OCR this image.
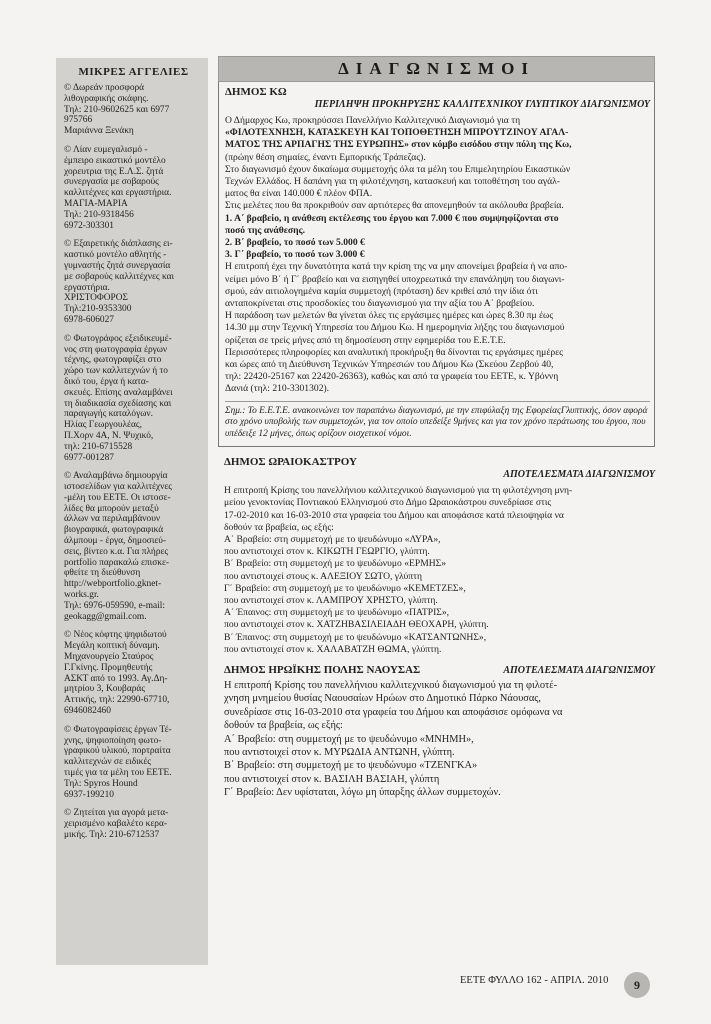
ΜΙΚΡΕΣ ΑΓΓΕΛΙΕΣ
© Δωρεάν προσφορά
λιθογραφικής σκάφης.
Τηλ: 210-9602625 και 6977
975766
Μαριάννα Ξενάκη
© Λίαν ευμεγαλισμό -
έμπειρο εικαστικό μοντέλο
χορευτρια της Ε.Λ.Σ. ζητά
συνεργασία με σοβαρούς
καλλιτέχνες και εργαστήρια.
ΜΑΓΙΑ-ΜΑΡΙΑ
Τηλ: 210-9318456
6972-303301
© Εξαιρετικής διάπλασης ει-
καστικό μοντέλο αθλητής -
γυμναστής ζητά συνεργασία
με σοβαρούς καλλιτέχνες και
εργαστήρια.
ΧΡΙΣΤΟΦΟΡΟΣ
Τηλ:210-9353300
6978-606027
© Φωτογράφος εξειδικευμέ-
νος στη φωτογραφία έργων
τέχνης, φωτογραφίζει στο
χώρο των καλλιτεχνών ή το
δικό του, έργα ή κατα-
σκευές. Επίσης αναλαμβάνει
τη διαδικασία σχεδίασης και
παραγωγής καταλόγων.
Ηλίας Γεωργουλέας,
Π.Χορν 4Α, Ν. Ψυχικό,
τηλ: 210-6715528
6977-001287
© Αναλαμβάνω δημιουργία
ιστοσελίδων για καλλιτέχνες
-μέλη του ΕΕΤΕ. Οι ιστοσε-
λίδες θα μπορούν μεταξύ
άλλων να περιλαμβάνουν
βιογραφικά, φωτογραφικά
άλμπουμ - έργα, δημοσιεύ-
σεις, βίντεο κ.α. Για πλήρες
portfolio παρακαλώ επισκε-
φθείτε τη διεύθυνση
http://webportfolio.gknet-
works.gr.
Τηλ: 6976-059590, e-mail:
geokagg@gmail.com.
© Νέος κόφτης ψηφιδωτού
Μεγάλη κοπτική δύναμη.
Μηχανουργείο Σταύρος
Γ.Γκίνης. Προμηθευτής
ΑΣΚΤ από το 1993. Αγ.Δη-
μητρίου 3, Κουβαράς
Αττικής, τηλ: 22990-67710,
6946082460
© Φωτογραφίσεις έργων Τέ-
χνης, ψηφιοποίηση φωτο-
γραφικού υλικού, πορτραίτα
καλλιτεχνών σε ειδικές
τιμές για τα μέλη του ΕΕΤΕ.
Τηλ: Spyros Hound
6937-199210
© Ζητείται για αγορά μετα-
χειρισμένο καβαλέτο κερα-
μικής. Τηλ: 210-6712537
ΔΙΑΓΩΝΙΣΜΟΙ
ΔΗΜΟΣ ΚΩ
ΠΕΡΙΛΗΨΗ ΠΡΟΚΗΡΥΞΗΣ ΚΑΛΛΙΤΕΧΝΙΚΟΥ ΓΛΥΠΤΙΚΟΥ ΔΙΑΓΩΝΙΣΜΟΥ
Ο Δήμαρχος Κω, προκηρύσσει Πανελλήνιο Καλλιτεχνικό Διαγωνισμό για τη
«ΦΙΛΟΤΕΧΝΗΣΗ, ΚΑΤΑΣΚΕΥΗ ΚΑΙ ΤΟΠΟΘΕΤΗΣΗ ΜΠΡΟΥΤΖΙΝΟΥ ΑΓΑΛ-
ΜΑΤΟΣ ΤΗΣ ΑΡΠΑΓΗΣ ΤΗΣ ΕΥΡΩΠΗΣ» στον κόμβο εισόδου στην πόλη της Κω,
(πρώην θέση σημαίες, έναντι Εμπορικής Τράπεζας).
Στο διαγωνισμό έχουν δικαίωμα συμμετοχής όλα τα μέλη του Επιμελητηρίου Εικαστικών
Τεχνών Ελλάδος. Η δαπάνη για τη φιλοτέχνηση, κατασκευή και τοποθέτηση του αγάλ-
ματος θα είναι 140.000 € πλέον ΦΠΑ.
Στις μελέτες που θα προκριθούν σαν αρτιότερες θα απονεμηθούν τα ακόλουθα βραβεία.
1. Α΄ βραβείο, η ανάθεση εκτέλεσης του έργου και 7.000 € που συμψηφίζονται στο
ποσό της ανάθεσης.
2. Β΄ βραβείο, το ποσό των 5.000 €
3. Γ΄ βραβείο, το ποσό των 3.000 €
Η επιτροπή έχει την δυνατότητα κατά την κρίση της να μην απονείμει βραβεία ή να απο-
νείμει μόνο Β΄ ή Γ΄ βραβείο και να εισηγηθεί υποχρεωτικά την επανάληψη του διαγωνι-
σμού, εάν αιτιολογημένα καμία συμμετοχή (πρόταση) δεν κριθεί από την ίδια ότι
ανταποκρίνεται στις προσδοκίες του διαγωνισμού για την αξία του Α΄ βραβείου.
Η παράδοση των μελετών θα γίνεται όλες τις εργάσιμες ημέρες και ώρες 8.30 πμ έως
14.30 μμ στην Τεχνική Υπηρεσία του Δήμου Κω. Η ημερομηνία λήξης του διαγωνισμού
ορίζεται σε τρείς μήνες από τη δημοσίευση στην εφημερίδα του Ε.Ε.Τ.Ε.
Περισσότερες πληροφορίες και αναλυτική προκήρυξη θα δίνονται τις εργάσιμες ημέρες
και ώρες από τη Διεύθυνση Τεχνικών Υπηρεσιών του Δήμου Κω (Σκεύου Ζερβού 40,
τηλ: 22420-25167 και 22420-26363), καθώς και από τα γραφεία του ΕΕΤΕ, κ. Υβόννη
Δανιά (τηλ: 210-3301302).
Σημ.: Το Ε.Ε.Τ.Ε. ανακοινώνει τον παραπάνω διαγωνισμό, με την επιφύλαξη της ΕφορείαςΓλυπτικής, όσον αφορά στο χρόνο υποβολής των συμμετοχών, για τον οποίο υπεδείξε 9μήνες και για τον χρόνο περάτωσης του έργου, που υπέδειξε 12 μήνες, όπως ορίζουν οισχετικοί νόμοι.
ΔΗΜΟΣ ΩΡΑΙΟΚΑΣΤΡΟΥ
ΑΠΟΤΕΛΕΣΜΑΤΑ ΔΙΑΓΩΝΙΣΜΟΥ
Η επιτροπή Κρίσης του πανελλήνιου καλλιτεχνικού διαγωνισμού για τη φιλοτέχνηση μνη-
μείου γενοκτονίας Ποντιακού Ελληνισμού στο Δήμο Ωραιοκάστρου συνεδρίασε στις
17-02-2010 και 16-03-2010 στα γραφεία του Δήμου και αποφάσισε κατά πλειοψηφία να
δοθούν τα βραβεία, ως εξής:
Α΄ Βραβείο: στη συμμετοχή με το ψευδώνυμο «ΛΥΡΑ»,
που αντιστοιχεί στον κ. ΚΙΚΩΤΗ ΓΕΩΡΓΙΟ, γλύπτη.
Β΄ Βραβείο: στη συμμετοχή με το ψευδώνυμο «ΕΡΜΗΣ»
που αντιστοιχεί στους κ. ΑΛΕΞΙΟΥ ΣΩΤΟ, γλύπτη
Γ΄ Βραβείο: στη συμμετοχή με το ψευδώνυμο «ΚΕΜΕΤΖΕΣ»,
που αντιστοιχεί στον κ. ΛΑΜΠΡΟΥ ΧΡΗΣΤΟ, γλύπτη.
Α΄ Έπαινος: στη συμμετοχή με το ψευδώνυμο «ΠΑΤΡΙΣ»,
που αντιστοιχεί στον κ. ΧΑΤΖΗΒΑΣΙΛΕΙΑΔΗ ΘΕΟΧΑΡΗ, γλύπτη.
Β΄ Έπαινος: στη συμμετοχή με το ψευδώνυμο «ΚΑΤΣΑΝΤΩΝΗΣ»,
που αντιστοιχεί στον κ. ΧΑΛΑΒΑΤΖΗ ΘΩΜΑ, γλύπτη.
ΔΗΜΟΣ ΗΡΩΪΚΗΣ ΠΟΛΗΣ ΝΑΟΥΣΑΣ	ΑΠΟΤΕΛΕΣΜΑΤΑ ΔΙΑΓΩΝΙΣΜΟΥ
Η επιτροπή Κρίσης του πανελλήνιου καλλιτεχνικού διαγωνισμού για τη φιλοτέ-
χνηση μνημείου θυσίας Ναουσαίων Ηρώων στο Δημοτικό Πάρκο Νάουσας,
συνεδρίασε στις 16-03-2010 στα γραφεία του Δήμου και αποφάσισε ομόφωνα να
δοθούν τα βραβεία, ως εξής:
Α΄ Βραβείο: στη συμμετοχή με το ψευδώνυμο «ΜΝΗΜΗ»,
που αντιστοιχεί στον κ. ΜΥΡΩΔΙΑ ΑΝΤΩΝΗ, γλύπτη.
Β΄ Βραβείο: στη συμμετοχή με το ψευδώνυμο «ΤΖΕΝΓΚΑ»
που αντιστοιχεί στον κ. ΒΑΣΙΛΗ ΒΑΣΙΑΗ, γλύπτη
Γ΄ Βραβείο: Δεν υφίσταται, λόγω μη ύπαρξης άλλων συμμετοχών.
ΕΕΤΕ ΦΥΛΛΟ 162 - ΑΠΡΙΛ. 2010	9
